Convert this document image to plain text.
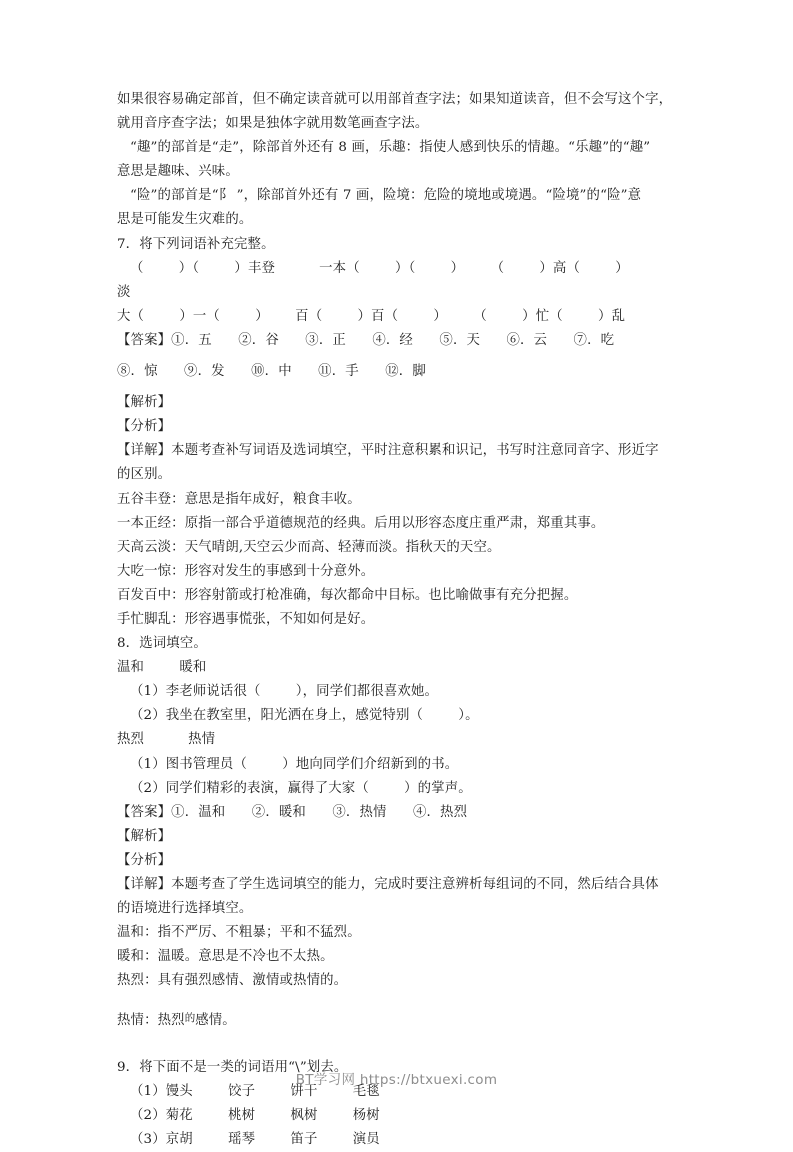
如果很容易确定部首，但不确定读音就可以用部首查字法；如果知道读音，但不会写这个字，
就用音序查字法；如果是独体字就用数笔画查字法。
“趣”的部首是“走”，除部首外还有 8 画，乐趣：指使人感到快乐的情趣。“乐趣”的“趣”
意思是趣味、兴味。
“险”的部首是“阝 ”，除部首外还有 7 画，险境：危险的境地或境遇。“险境”的“险”意
思是可能发生灾难的。
7．将下列词语补充完整。
（        ）（        ）丰登          一本（        ）（        ）      （        ）高（        ）
淡
大（        ）一（        ）      百（        ）百（        ）      （        ）忙（        ）乱
【答案】①．五      ②．谷      ③．正      ④．经      ⑤．天      ⑥．云      ⑦．吃
⑧．惊      ⑨．发      ⑩．中      ⑪．手      ⑫．脚
【解析】
【分析】
【详解】本题考查补写词语及选词填空，平时注意积累和识记，书写时注意同音字、形近字
的区别。
五谷丰登：意思是指年成好，粮食丰收。
一本正经：原指一部合乎道德规范的经典。后用以形容态度庄重严肃，郑重其事。
天高云淡：天气晴朗,天空云少而高、轻薄而淡。指秋天的天空。
大吃一惊：形容对发生的事感到十分意外。
百发百中：形容射箭或打枪准确，每次都命中目标。也比喻做事有充分把握。
手忙脚乱：形容遇事慌张，不知如何是好。
8．选词填空。
温和        暖和
（1）李老师说话很（        ），同学们都很喜欢她。
（2）我坐在教室里，阳光洒在身上，感觉特别（        ）。
热烈          热情
（1）图书管理员（        ）地向同学们介绍新到的书。
（2）同学们精彩的表演，赢得了大家（        ）的掌声。
【答案】①．温和      ②．暖和      ③．热情      ④．热烈
【解析】
【分析】
【详解】本题考查了学生选词填空的能力，完成时要注意辨析每组词的不同，然后结合具体
的语境进行选择填空。
温和：指不严厉、不粗暴；平和不猛烈。
暖和：温暖。意思是不冷也不太热。
热烈：具有强烈感情、激情或热情的。
热情：热烈$^的$感情。
9．将下面不是一类的词语用“\”划去。
（1）馒头        饺子        饼干        毛毯
（2）菊花        桃树        枫树        杨树
（3）京胡        瑶琴        笛子        演员
BT学习网 https://btxuexi.com
